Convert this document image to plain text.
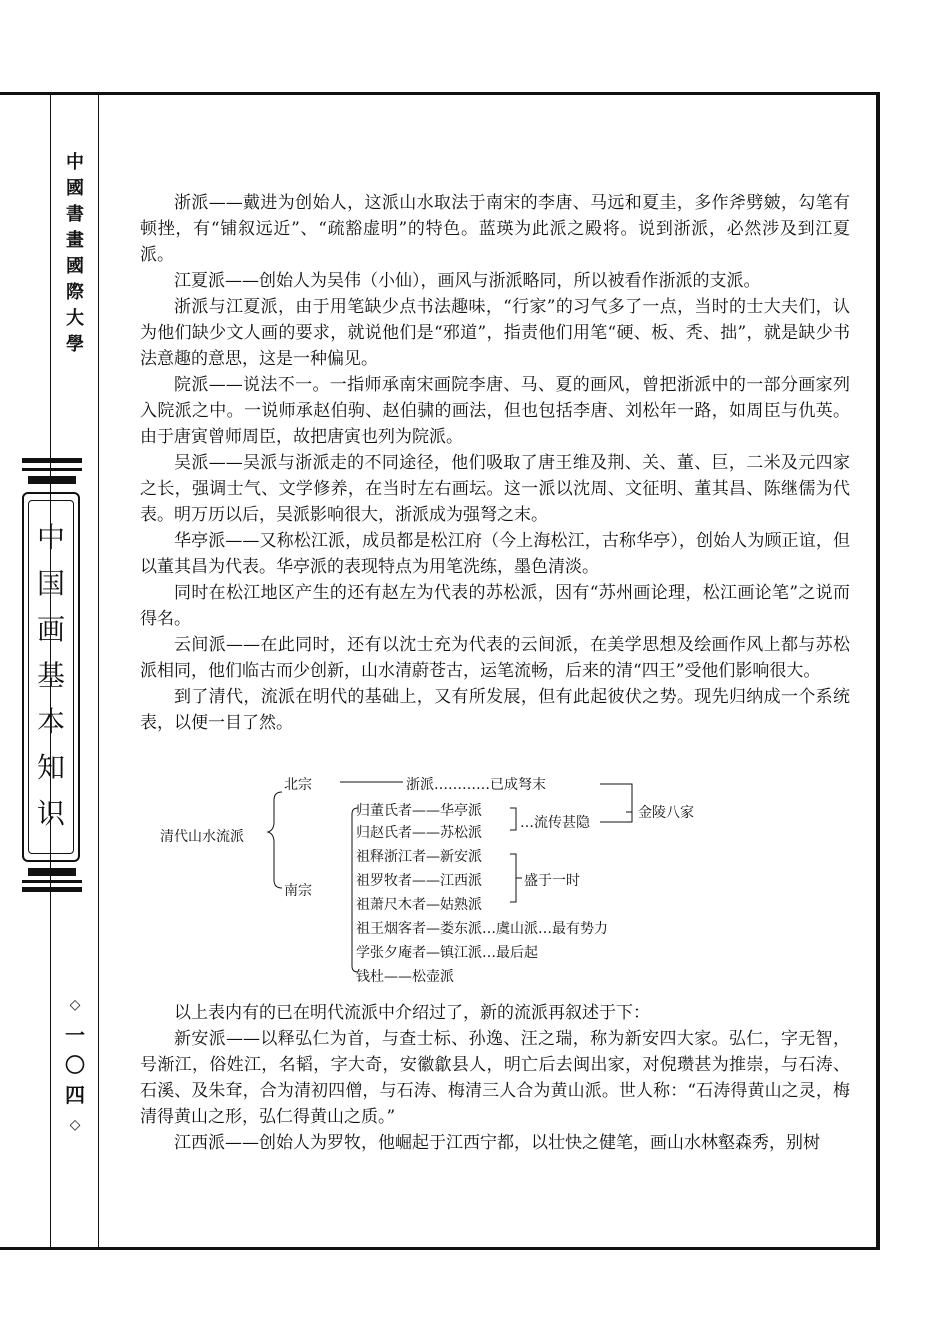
中
國
書
畫
國
際
大
學
中
国
画
基
本
知
识
◇
一
〇
四
◇

浙派——戴进为创始人，这派山水取法于南宋的李唐、马远和夏圭，多作斧劈皴，勾笔有顿挫，有“铺叙远近”、“疏豁虚明”的特色。蓝瑛为此派之殿将。说到浙派，必然涉及到江夏派。

江夏派——创始人为吴伟（小仙），画风与浙派略同，所以被看作浙派的支派。

浙派与江夏派，由于用笔缺少点书法趣味，“行家”的习气多了一点，当时的士大夫们，认为他们缺少文人画的要求，就说他们是“邪道”，指责他们用笔“硬、板、秃、拙”，就是缺少书法意趣的意思，这是一种偏见。

院派——说法不一。一指师承南宋画院李唐、马、夏的画风，曾把浙派中的一部分画家列入院派之中。一说师承赵伯驹、赵伯骕的画法，但也包括李唐、刘松年一路，如周臣与仇英。由于唐寅曾师周臣，故把唐寅也列为院派。

吴派——吴派与浙派走的不同途径，他们吸取了唐王维及荆、关、董、巨，二米及元四家之长，强调士气、文学修养，在当时左右画坛。这一派以沈周、文征明、董其昌、陈继儒为代表。明万历以后，吴派影响很大，浙派成为强弩之末。

华亭派——又称松江派，成员都是松江府（今上海松江，古称华亭），创始人为顾正谊，但以董其昌为代表。华亭派的表现特点为用笔洗练，墨色清淡。

同时在松江地区产生的还有赵左为代表的苏松派，因有“苏州画论理，松江画论笔”之说而得名。

云间派——在此同时，还有以沈士充为代表的云间派，在美学思想及绘画作风上都与苏松派相同，他们临古而少创新，山水清蔚苍古，运笔流畅，后来的清“四王”受他们影响很大。

到了清代，流派在明代的基础上，又有所发展，但有此起彼伏之势。现先归纳成一个系统表，以便一目了然。

清代山水流派
北宗	浙派…………已成弩末
金陵八家
南宗
归董氏者——华亭派
归赵氏者——苏松派
…流传甚隐
祖释浙江者—新安派
祖罗牧者——江西派
祖萧尺木者—姑熟派
盛于一时
祖王烟客者—娄东派…虞山派…最有势力
学张夕庵者—镇江派…最后起
钱杜——松壶派

以上表内有的已在明代流派中介绍过了，新的流派再叙述于下：

新安派——以释弘仁为首，与查士标、孙逸、汪之瑞，称为新安四大家。弘仁，字无智，号渐江，俗姓江，名韬，字大奇，安徽歙县人，明亡后去闽出家，对倪瓒甚为推崇，与石涛、石溪、及朱耷，合为清初四僧，与石涛、梅清三人合为黄山派。世人称：“石涛得黄山之灵，梅清得黄山之形，弘仁得黄山之质。”

江西派——创始人为罗牧，他崛起于江西宁都，以壮快之健笔，画山水林壑森秀，别树
